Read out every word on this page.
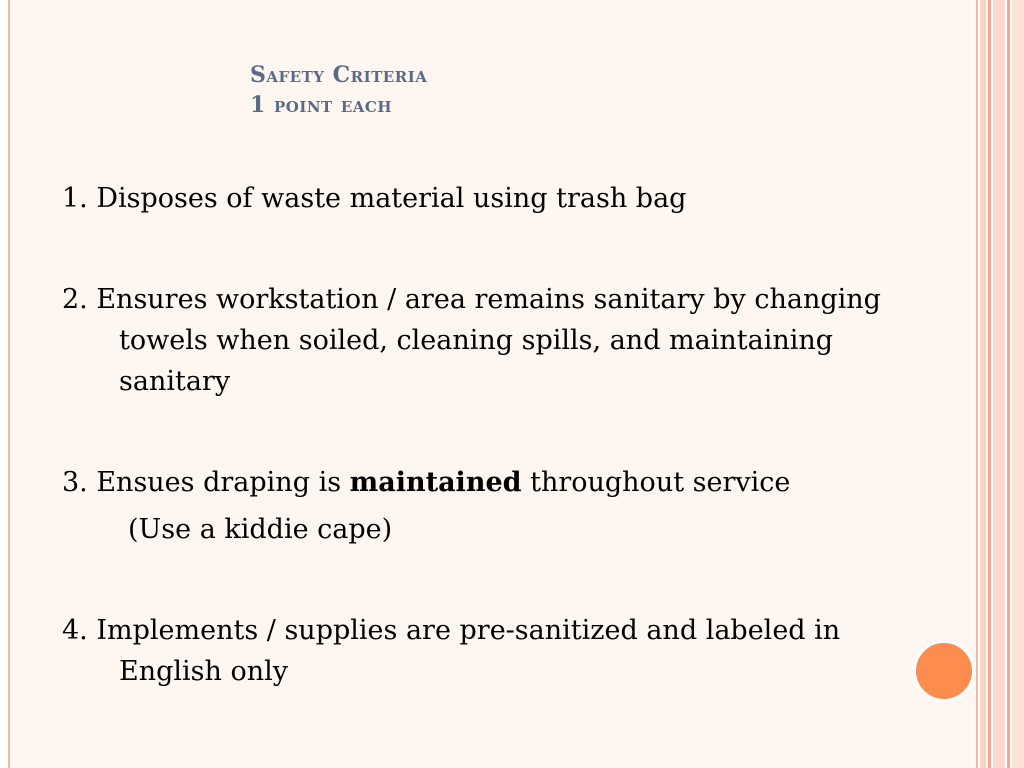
Safety Criteria
1 point each

1. Disposes of waste material using trash bag

2. Ensures workstation / area remains sanitary by changing towels when soiled, cleaning spills, and maintaining sanitary

3. Ensues draping is maintained throughout service

(Use a kiddie cape)

4. Implements / supplies are pre-sanitized and labeled in English only
